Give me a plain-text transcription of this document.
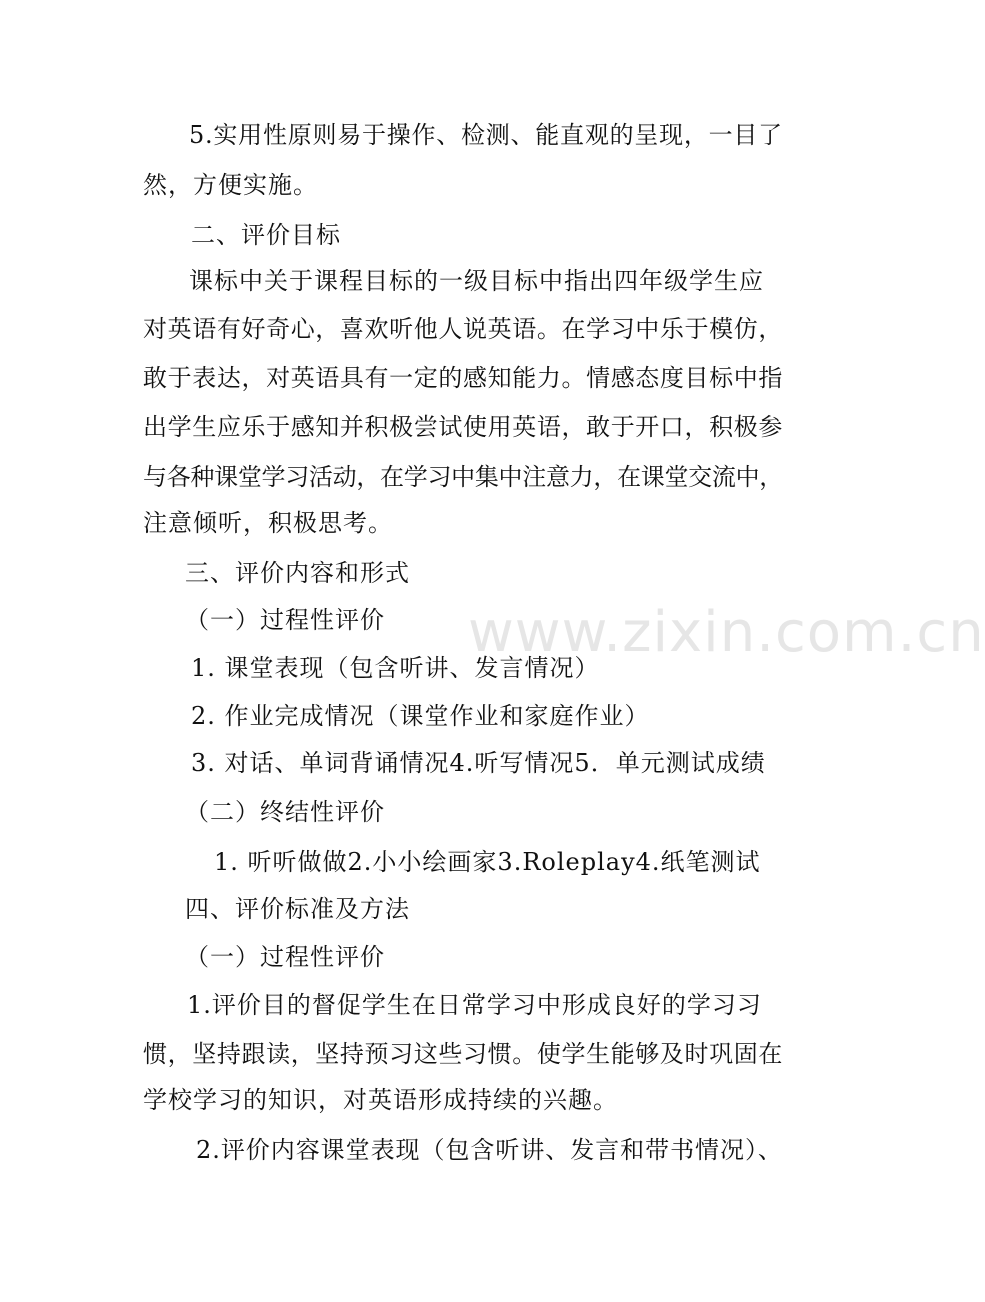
www.zixin.com.cn
5.实用性原则易于操作、检测、能直观的呈现，一目了
然，方便实施。
二、评价目标
课标中关于课程目标的一级目标中指出四年级学生应
对英语有好奇心，喜欢听他人说英语。在学习中乐于模仿，
敢于表达，对英语具有一定的感知能力。情感态度目标中指
出学生应乐于感知并积极尝试使用英语，敢于开口，积极参
与各种课堂学习活动，在学习中集中注意力，在课堂交流中，
注意倾听，积极思考。
三、评价内容和形式
（一）过程性评价
1. 课堂表现（包含听讲、发言情况）
2. 作业完成情况（课堂作业和家庭作业）
3. 对话、单词背诵情况4.听写情况5．单元测试成绩
（二）终结性评价
1. 听听做做2.小小绘画家3.Roleplay4.纸笔测试
四、评价标准及方法
（一）过程性评价
1.评价目的督促学生在日常学习中形成良好的学习习
惯，坚持跟读，坚持预习这些习惯。使学生能够及时巩固在
学校学习的知识，对英语形成持续的兴趣。
2.评价内容课堂表现（包含听讲、发言和带书情况）、
